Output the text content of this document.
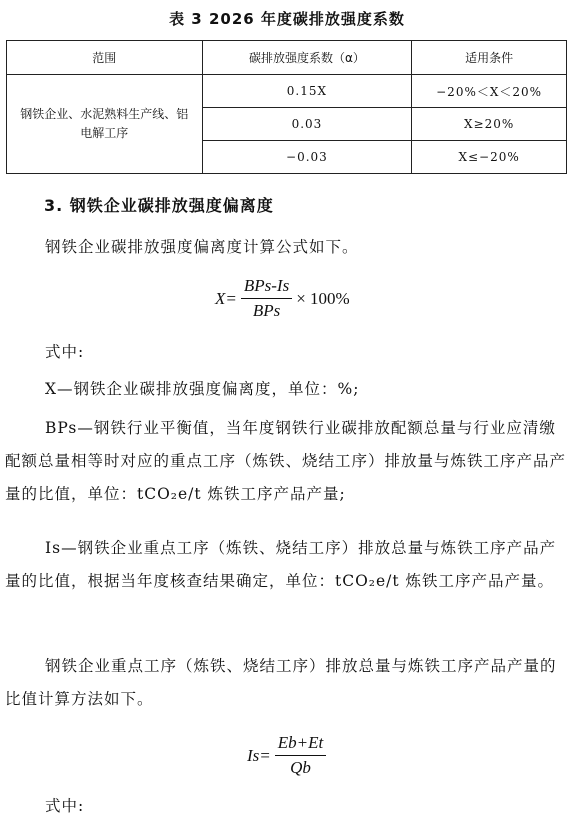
表 3 2026 年度碳排放强度系数
范围	碳排放强度系数（α）	适用条件
钢铁企业、水泥熟料生产线、铝电解工序	0.15X	−20%＜X＜20%
	0.03	X≥20%
	−0.03	X≤−20%
3. 钢铁企业碳排放强度偏离度
钢铁企业碳排放强度偏离度计算公式如下。
$X= \frac{\text{BPs-Is}}{\text{BPs}} \times 100\%$
式中:
X—钢铁企业碳排放强度偏离度，单位：%;
BPs—钢铁行业平衡值，当年度钢铁行业碳排放配额总量与行业应清缴配额总量相等时对应的重点工序（炼铁、烧结工序）排放量与炼铁工序产品产量的比值，单位：tCO₂e/t 炼铁工序产品产量;
Is—钢铁企业重点工序（炼铁、烧结工序）排放总量与炼铁工序产品产量的比值，根据当年度核查结果确定，单位：tCO₂e/t 炼铁工序产品产量。
钢铁企业重点工序（炼铁、烧结工序）排放总量与炼铁工序产品产量的比值计算方法如下。
$Is= \frac{Eb+Et}{Qb}$
式中:
